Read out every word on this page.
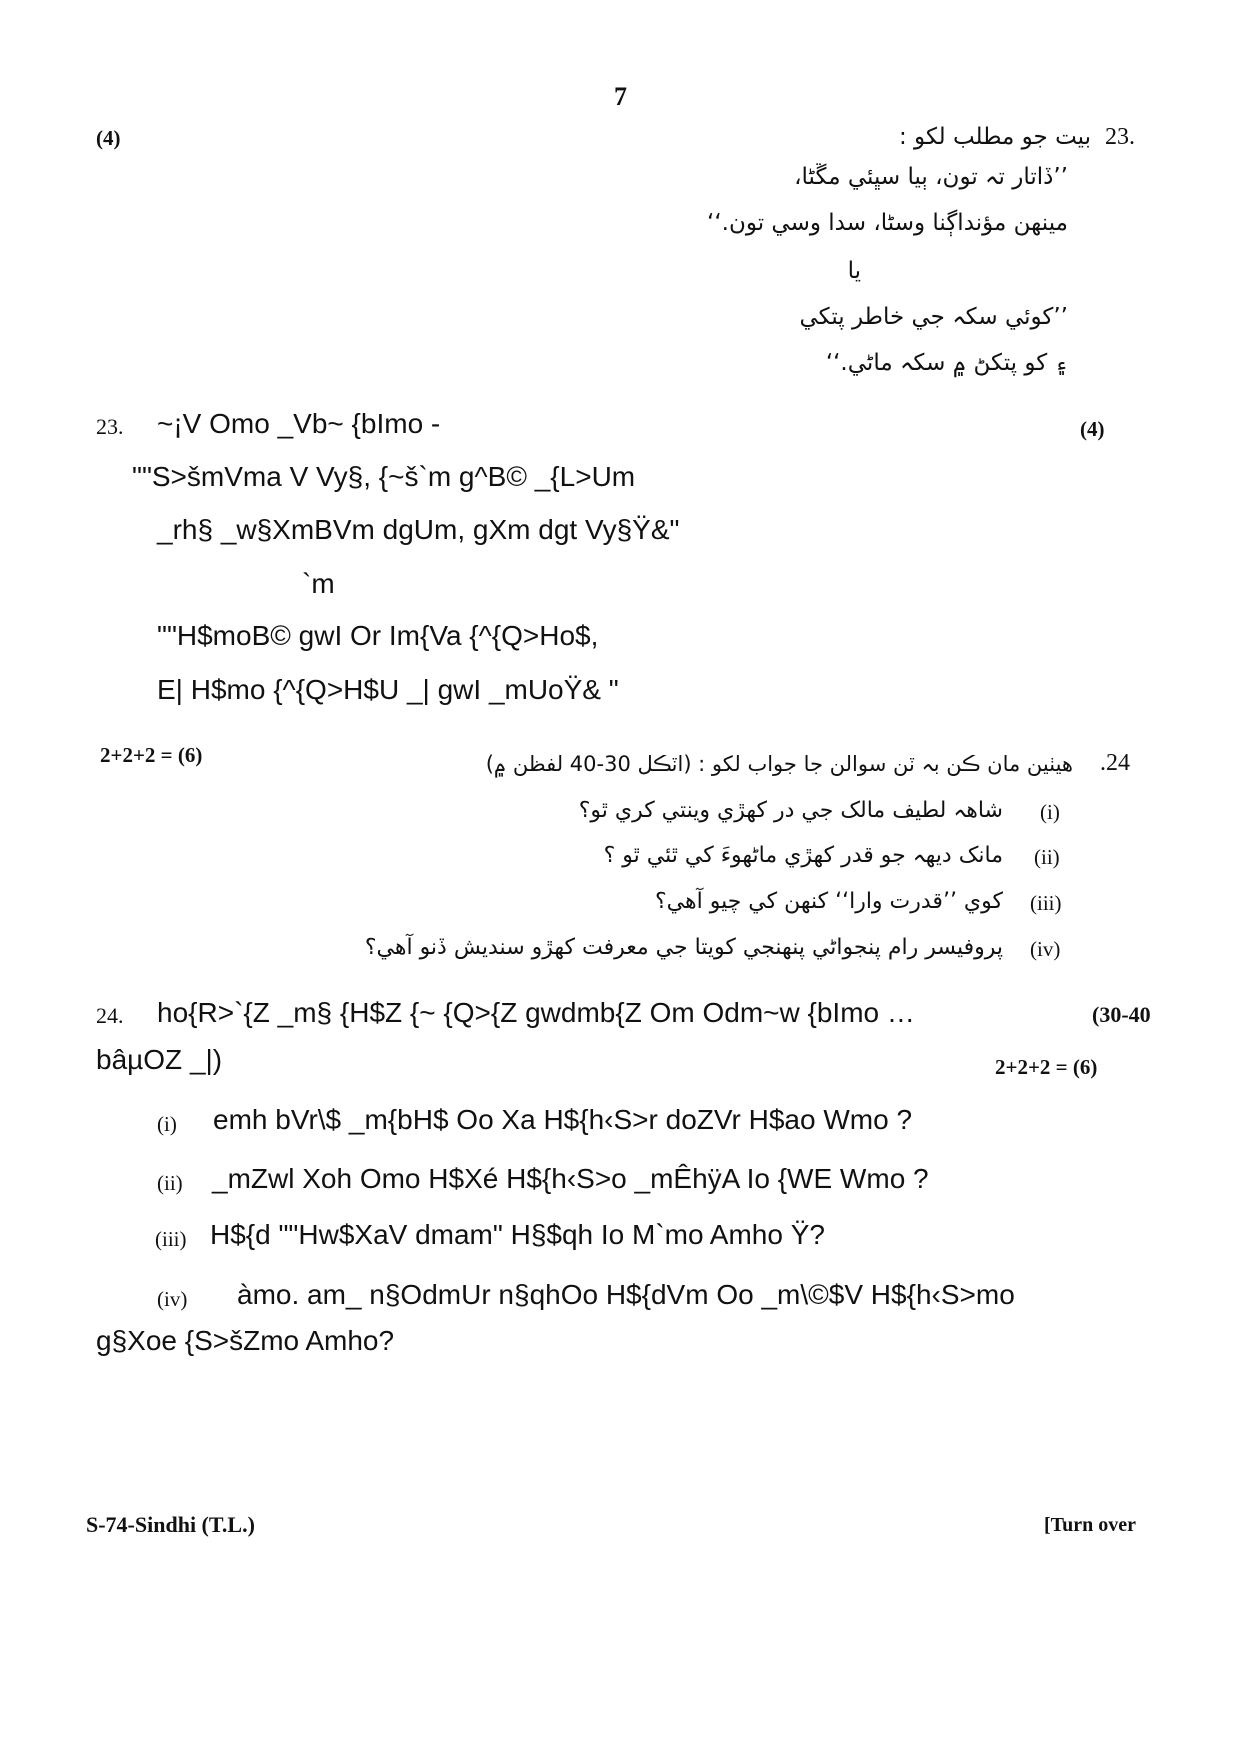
7
(4)	23.
بيت جو مطلب لکو :
’’ڏاتار تہ تون، ٻيا سڀئي مڱڻا،
مينهن مؤنداڳنا وسڻا، سدا وسي تون.‘‘
يا
’’کوئي سکہ جي خاطر پتکي
۽ کو پتکڻ ۾ سکہ ماڻي.‘‘
23. ~¡V Omo _Vb~ {bImo -	(4)
""S>šmVma V Vy§, {~š`m g^B© _{L>Um
_rh§ _w§XmBVm dgUm, gXm dgt Vy§Ÿ&"
`m
""H$moB© gwI Or Im{Va {^{Q>Ho$,
E| H$mo {^{Q>H$U _| gwI _mUoŸ& "
2+2+2 = (6)	.24
هيٺين مان ڪن بہ ٽن سوالن جا جواب لکو : (اٽڪل 30-40 لفظن ۾)
(i)
شاهہ لطيف مالک جي در کهڙي وينتي کري ٿو؟
(ii)
مانک ديهہ جو قدر کهڙي ماڻهوءَ کي ٿئي ٿو ؟
(iii)
کوي ’’قدرت وارا‘‘ کنهن کي چيو آهي؟
(iv)
پروفيسر رام پنجواڻي پنهنجي کويتا جي معرفت کهڙو سنديش ڏنو آهي؟
24. ho{R>`{Z _m§ {H$Z {~ {Q>{Z gwdmb{Z Om Odm~w {bImo …	(30-40
bâµOZ _|)	2+2+2 = (6)
(i) emh bVr\$ _m{bH$ Oo Xa H${h‹S>r doZVr H$ao Wmo ?
(ii) _mZwl Xoh Omo H$Xé H${h‹S>o _mÊhÿA Io {WE Wmo ?
(iii) H${d ""Hw$XaV dmam" H§$qh Io M`mo Amho Ÿ?
(iv) àmo. am_ n§OdmUr n§qhOo H${dVm Oo _m\©$V H${h‹S>mo
g§Xoe {S>šZmo Amho?
S-74-Sindhi (T.L.)	[Turn over
